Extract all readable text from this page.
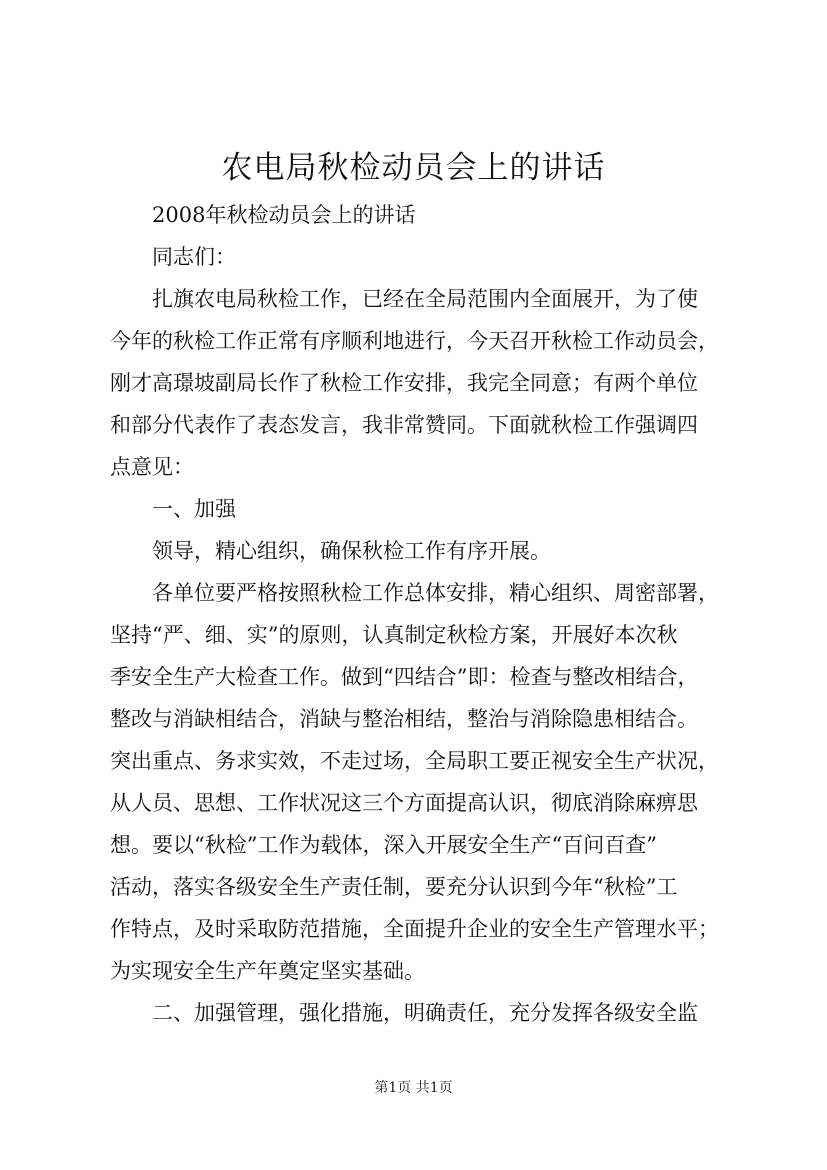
农电局秋检动员会上的讲话

2008年秋检动员会上的讲话

同志们：

扎旗农电局秋检工作，已经在全局范围内全面展开，为了使

今年的秋检工作正常有序顺利地进行，今天召开秋检工作动员会，

刚才高璟坡副局长作了秋检工作安排，我完全同意；有两个单位

和部分代表作了表态发言，我非常赞同。下面就秋检工作强调四

点意见：

一、加强

领导，精心组织，确保秋检工作有序开展。

各单位要严格按照秋检工作总体安排，精心组织、周密部署，

坚持“严、细、实”的原则，认真制定秋检方案，开展好本次秋

季安全生产大检查工作。做到“四结合”即：检查与整改相结合，

整改与消缺相结合，消缺与整治相结，整治与消除隐患相结合。

突出重点、务求实效，不走过场，全局职工要正视安全生产状况，

从人员、思想、工作状况这三个方面提高认识，彻底消除麻痹思

想。要以“秋检”工作为载体，深入开展安全生产“百问百查”

活动，落实各级安全生产责任制，要充分认识到今年“秋检”工

作特点，及时采取防范措施，全面提升企业的安全生产管理水平；

为实现安全生产年奠定坚实基础。

二、加强管理，强化措施，明确责任，充分发挥各级安全监

第1页 共1页
